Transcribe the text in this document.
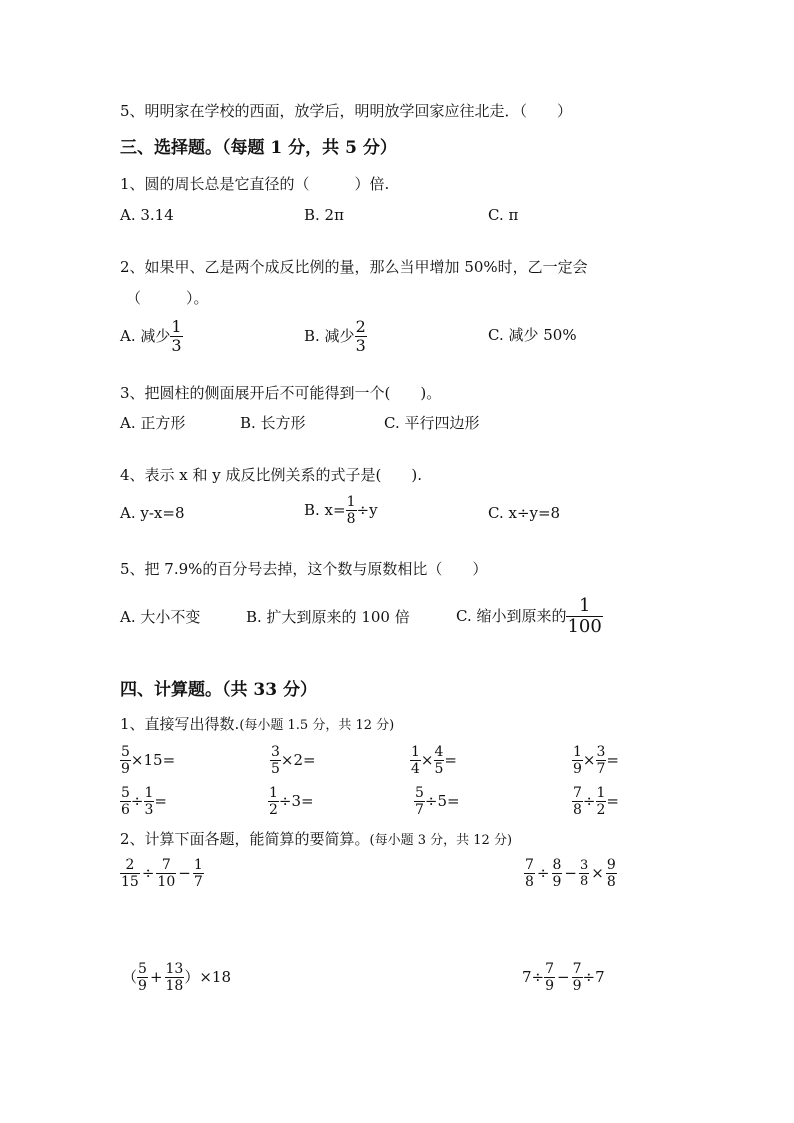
5、明明家在学校的西面，放学后，明明放学回家应往北走．（　　）
三、选择题。（每题 1 分，共 5 分）
1、圆的周长总是它直径的（　　　）倍.
A. 3.14	B. 2π	C. π
2、如果甲、乙是两个成反比例的量，那么当甲增加 50%时，乙一定会
（　　　）。
A. 减少 $\frac{1}{3}$	B. 减少 $\frac{2}{3}$	C. 减少 50%
3、把圆柱的侧面展开后不可能得到一个(　　)。
A. 正方形	B. 长方形	C. 平行四边形
4、表示 x 和 y 成反比例关系的式子是(　　).
A. y-x=8	B. $x= \frac{1}{8} \div y$	C. x÷y=8
5、把 7.9%的百分号去掉，这个数与原数相比（　　）
A. 大小不变	B. 扩大到原来的 100 倍	C. 缩小到原来的 $\frac{1}{100}$
四、计算题。（共 33 分）
1、直接写出得数.(每小题 1.5 分，共 12 分)
$\frac{5}{9} \times 15=$	$\frac{3}{5} \times 2=$	$\frac{1}{4} \times \frac{4}{5}$ =	$\frac{1}{9} \times \frac{3}{7}$ =
$\frac{5}{6} \div \frac{1}{3}$ =	$\frac{1}{2} \div 3=$	$\frac{5}{7} \div 5=$	$\frac{7}{8} \div \frac{1}{2}$ =
2、计算下面各题，能简算的要简算。(每小题 3 分，共 12 分)
$\frac{2}{15} \div \frac{7}{10} - \frac{1}{7}$	$\frac{7}{8} \div \frac{8}{9} - \frac{3}{8} \times \frac{9}{8}$
（ $\frac{5}{9} + \frac{13}{18} )\times 18$	$7\div \frac{7}{9} - \frac{7}{9} \div 7$
